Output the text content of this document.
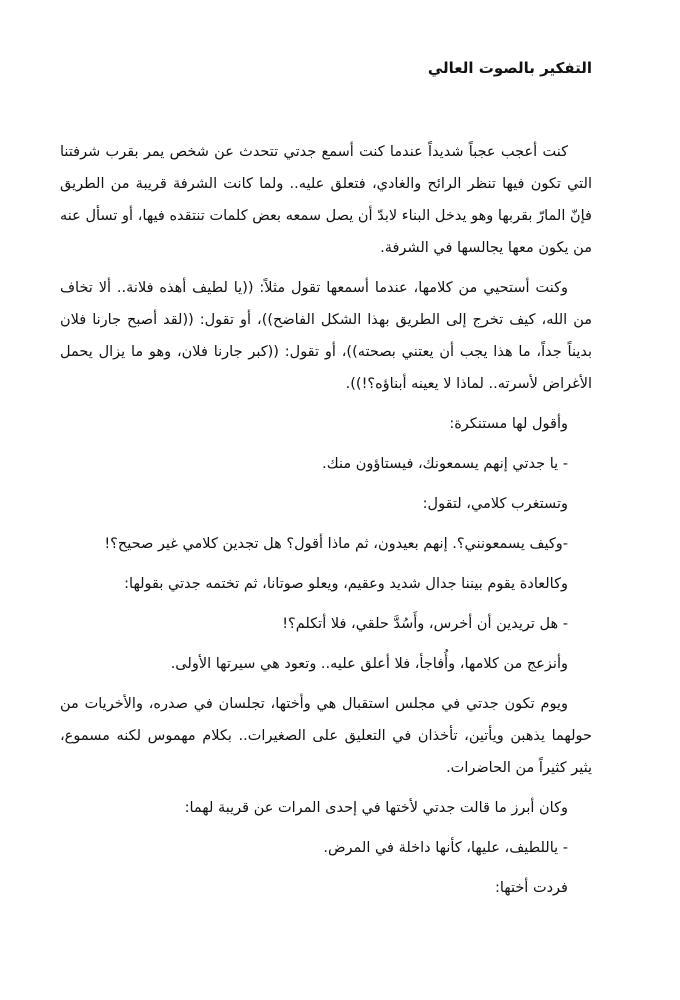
التفكير بالصوت العالي

كنت أعجب عجباً شديداً عندما كنت أسمع جدتي تتحدث عن شخص يمر بقرب شرفتنا التي تكون فيها تنظر الرائح والغادي، فتعلق عليه.. ولما كانت الشرفة قريبة من الطريق فإنّ المارّ بقربها وهو يدخل البناء لابدّ أن يصل سمعه بعض كلمات تنتقده فيها، أو تسأل عنه من يكون معها يجالسها في الشرفة.

وكنت أستحيي من كلامها، عندما أسمعها تقول مثلاً: ((يا لطيف أهذه فلانة.. ألا تخاف من الله، كيف تخرج إلى الطريق بهذا الشكل الفاضح))، أو تقول: ((لقد أصبح جارنا فلان بديناً جداً، ما هذا يجب أن يعتني بصحته))، أو تقول: ((كبر جارنا فلان، وهو ما يزال يحمل الأغراض لأسرته.. لماذا لا يعينه أبناؤه؟!)).

وأقول لها مستنكرة:

- يا جدتي إنهم يسمعونك، فيستاؤون منك.

وتستغرب كلامي، لتقول:

-وكيف يسمعونني؟. إنهم بعيدون، ثم ماذا أقول؟ هل تجدين كلامي غير صحيح؟!

وكالعادة يقوم بيننا جدال شديد وعقيم، ويعلو صوتانا، ثم تختمه جدتي بقولها:

- هل تريدين أن أخرس، وأَسُدَّ حلقي، فلا أتكلم؟!

وأنزعج من كلامها، وأُفاجأ، فلا أعلق عليه.. وتعود هي سيرتها الأولى.

ويوم تكون جدتي في مجلس استقبال هي وأختها، تجلسان في صدره، والأخريات من حولهما يذهبن ويأتين، تأخذان في التعليق على الصغيرات.. بكلام مهموس لكنه مسموع، يثير كثيراً من الحاضرات.

وكان أبرز ما قالت جدتي لأختها في إحدى المرات عن قريبة لهما:

- ياللطيف، عليها، كأنها داخلة في المرض.

فردت أختها:
